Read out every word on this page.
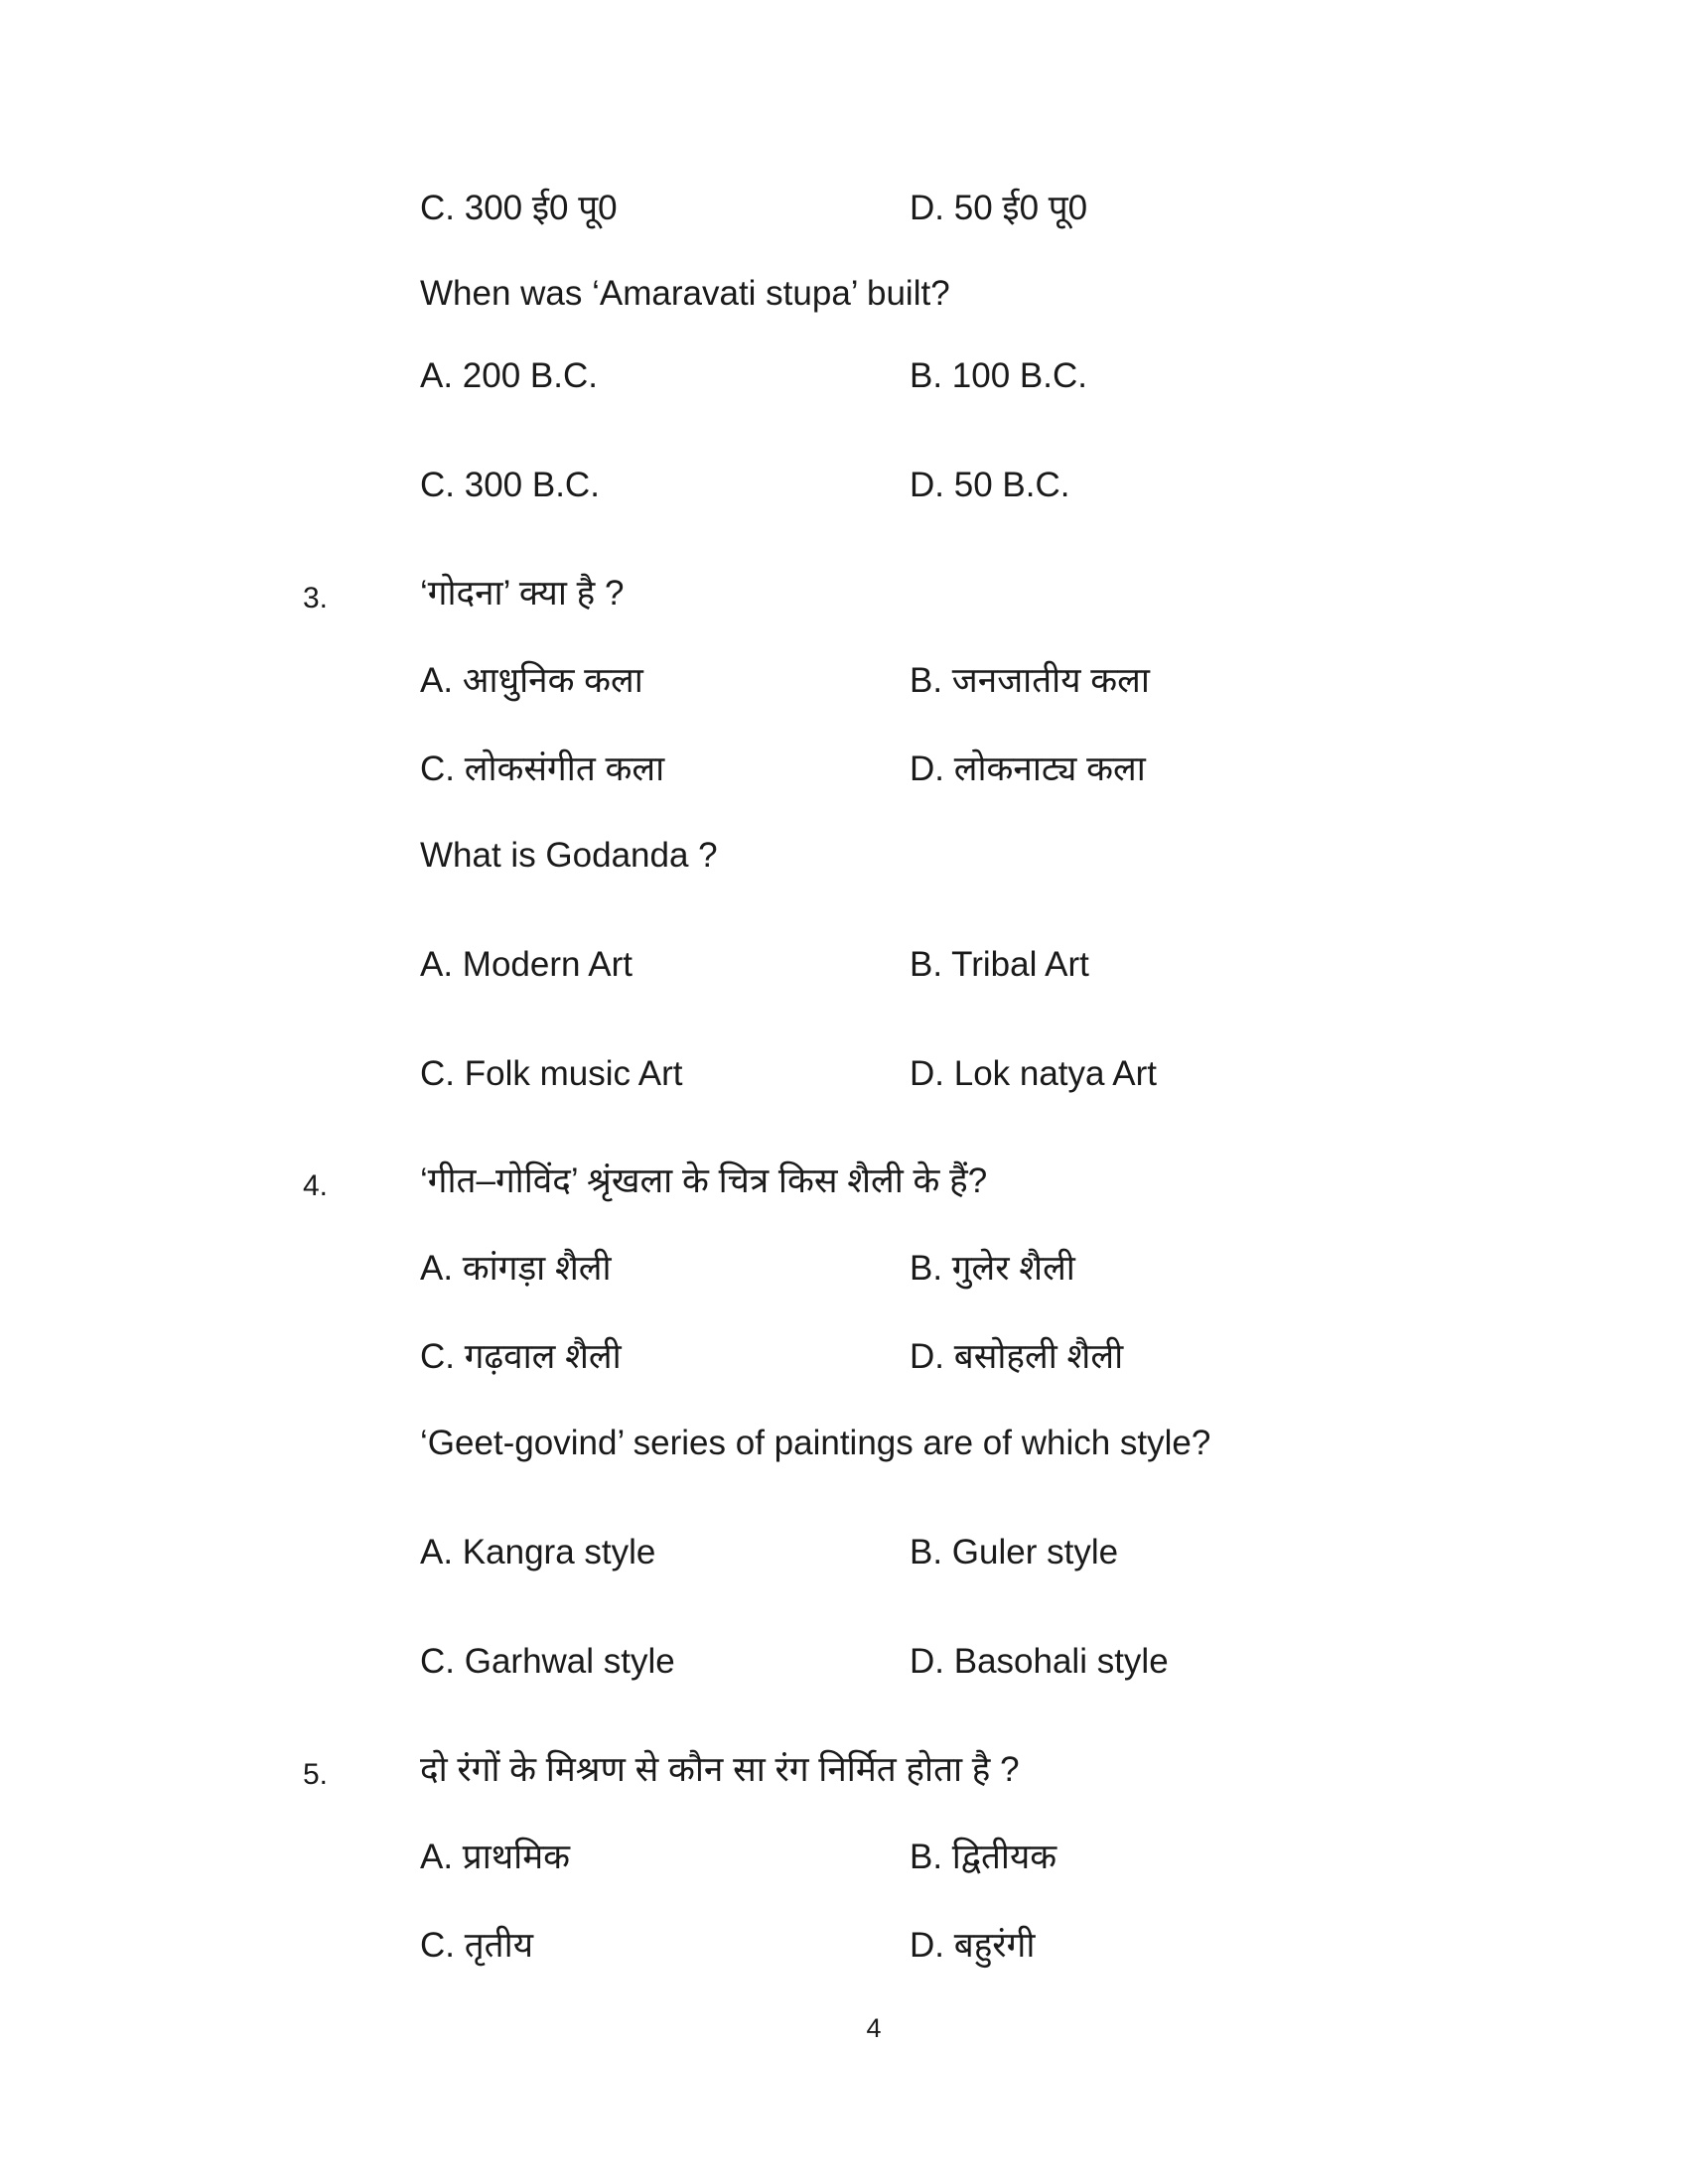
C. 300 ई0 पू0	D. 50 ई0 पू0
When was ‘Amaravati stupa’ built?
A. 200 B.C.	B. 100 B.C.
C. 300 B.C.	D. 50 B.C.
3.	‘गोदना’ क्या है ?
A. आधुनिक कला	B. जनजातीय कला
C. लोकसंगीत कला	D. लोकनाट्य कला
What is Godanda ?
A. Modern Art	B. Tribal Art
C. Folk music Art	D. Lok natya Art
4.	‘गीत–गोविंद’ श्रृंखला के चित्र किस शैली के हैं?
A. कांगड़ा शैली	B. गुलेर शैली
C. गढ़वाल शैली	D. बसोहली शैली
‘Geet-govind’ series of paintings are of which style?
A. Kangra style	B. Guler style
C. Garhwal style	D. Basohali style
5.	दो रंगों के मिश्रण से कौन सा रंग निर्मित होता है ?
A. प्राथमिक	B. द्वितीयक
C. तृतीय	D. बहुरंगी
4
